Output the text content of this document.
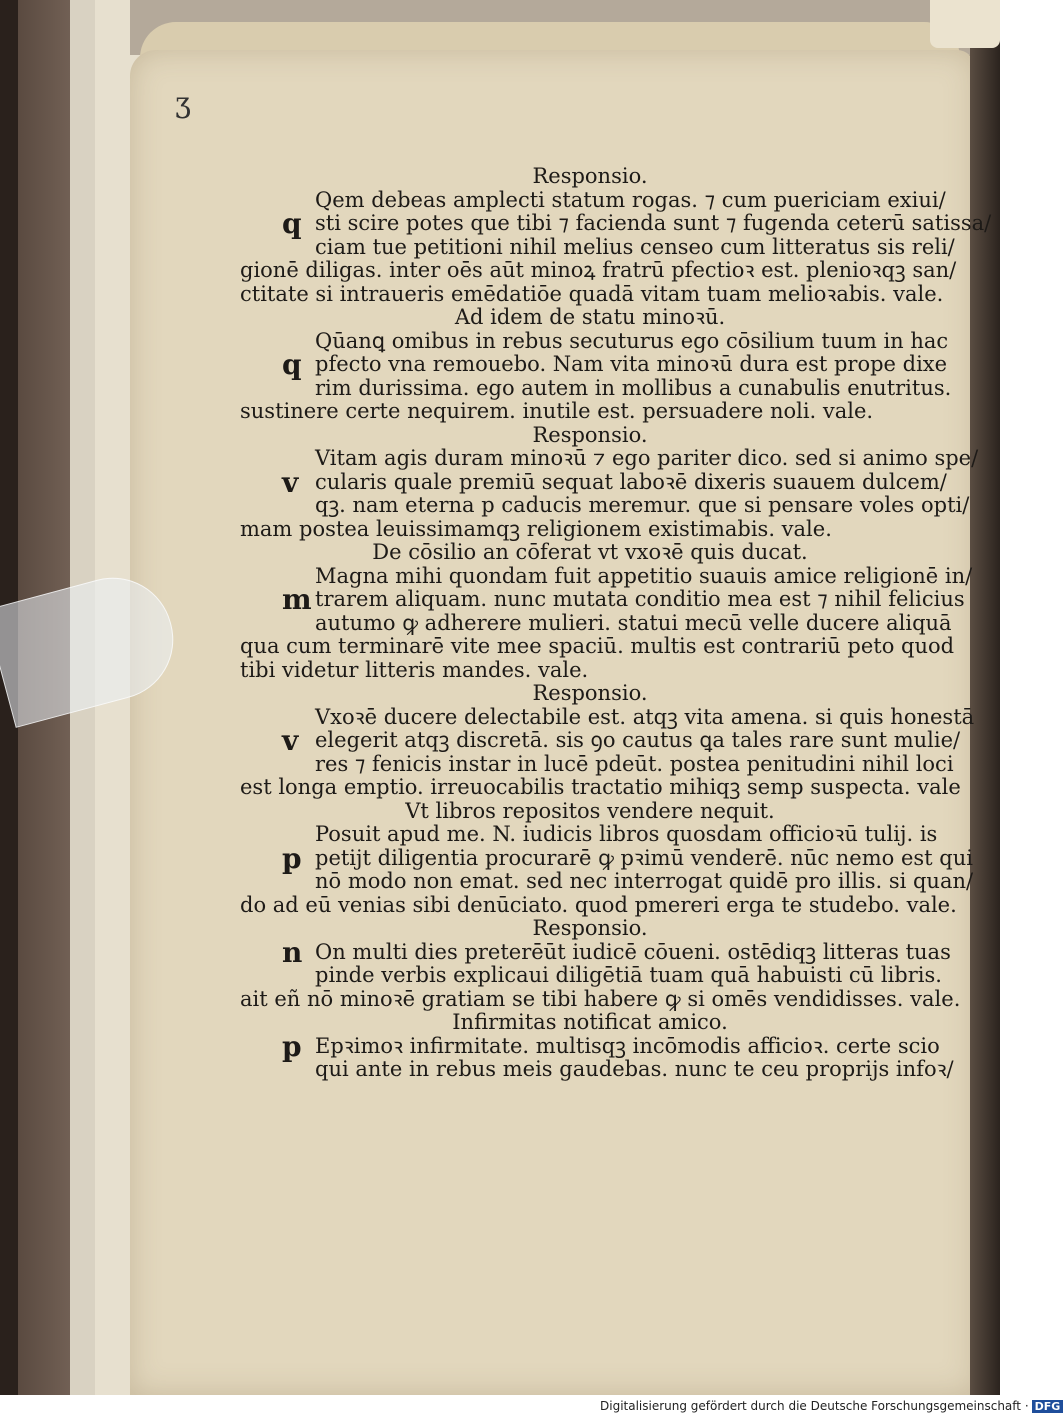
ʒ
Responsio.
Qem debeas amplecti statum rogas. ⁊ cum puericiam exiui/
q sti scire potes que tibi ⁊ facienda sunt ⁊ fugenda ceterū satissa/
ciam tue petitioni nihil melius censeo cum litteratus sis reli/
gionē diligas. inter oēs aūt minoꝝ fratrū pfectioꝛ est. plenioꝛqꝫ san/
ctitate si intraueris emēdatiōe quadā vitam tuam melioꝛabis. vale.
Ad idem de statu minoꝛū.
Qūanꝗ omibus in rebus secuturus ego cōsilium tuum in hac
q pfecto vna remouebo. Nam vita minoꝛū dura est prope dixe
rim durissima. ego autem in mollibus a cunabulis enutritus.
sustinere certe nequirem. inutile est. persuadere noli. vale.
Responsio.
Vitam agis duram minoꝛū ⁊ ego pariter dico. sed si animo spe/
v cularis quale premiū sequat laboꝛē dixeris suauem dulcem/
qꝫ. nam eterna p caducis meremur. que si pensare voles opti/
mam postea leuissimamqꝫ religionem existimabis. vale.
De cōsilio an cōferat vt vxoꝛē quis ducat.
Magna mihi quondam fuit appetitio suauis amice religionē in/
m trarem aliquam. nunc mutata conditio mea est ⁊ nihil felicius
autumo ꝙ adherere mulieri. statui mecū velle ducere aliquā
qua cum terminarē vite mee spaciū. multis est contrariū peto quod
tibi videtur litteris mandes. vale.
Responsio.
Vxoꝛē ducere delectabile est. atqꝫ vita amena. si quis honestā
v elegerit atqꝫ discretā. sis ꝯo cautus ꝗa tales rare sunt mulie/
res ⁊ fenicis instar in lucē pdeūt. postea penitudini nihil loci
est longa emptio. irreuocabilis tractatio mihiqꝫ semp suspecta. vale
Vt libros repositos vendere nequit.
Posuit apud me. N. iudicis libros quosdam officioꝛū tulij. is
p petijt diligentia procurarē ꝙ pꝛimū venderē. nūc nemo est qui
nō modo non emat. sed nec interrogat quidē pro illis. si quan/
do ad eū venias sibi denūciato. quod pmereri erga te studebo. vale.
Responsio.
n On multi dies preterēūt iudicē cōueni. ostēdiqꝫ litteras tuas
pinde verbis explicaui diligētiā tuam quā habuisti cū libris.
ait eñ nō minoꝛē gratiam se tibi habere ꝙ si omēs vendidisses. vale.
Infirmitas notificat amico.
p Epꝛimoꝛ infirmitate. multisqꝫ incōmodis afficioꝛ. certe scio
qui ante in rebus meis gaudebas. nunc te ceu proprijs infoꝛ/
Digitalisierung gefördert durch die Deutsche Forschungsgemeinschaft · DFG
